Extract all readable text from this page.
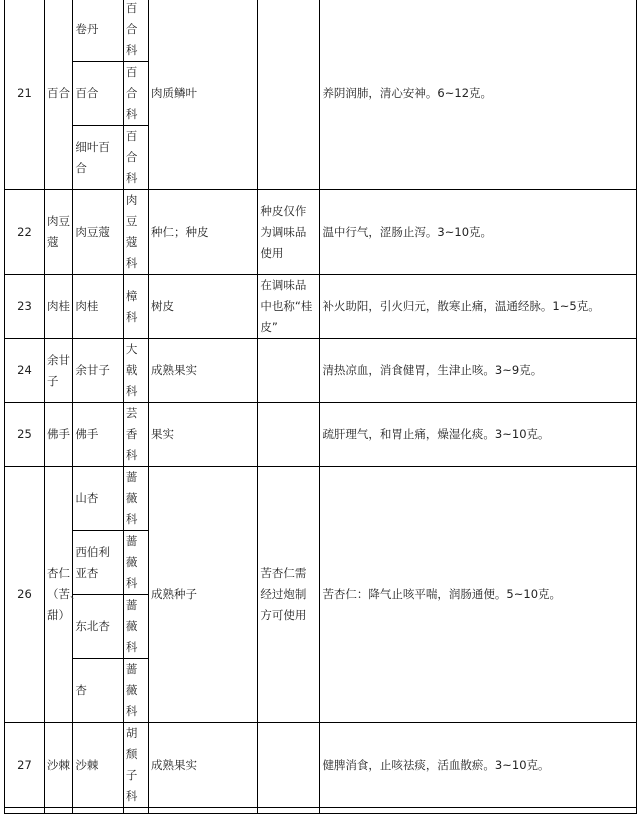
21	百合	卷丹	百合科	肉质鳞叶		养阴润肺，清心安神。6~12克。
		百合	百合科			
		细叶百合	百合科			
22	肉豆蔻	肉豆蔻	肉豆蔻科	种仁；种皮	种皮仅作为调味品使用	温中行气，涩肠止泻。3~10克。
23	肉桂	肉桂	樟科	树皮	在调味品中也称“桂皮”	补火助阳，引火归元，散寒止痛，温通经脉。1~5克。
24	余甘子	余甘子	大戟科	成熟果实		清热凉血，消食健胃，生津止咳。3~9克。
25	佛手	佛手	芸香科	果实		疏肝理气，和胃止痛，燥湿化痰。3~10克。
26	杏仁（苦、甜）	山杏	蔷薇科	成熟种子	苦杏仁需经过炮制方可使用	苦杏仁：降气止咳平喘，润肠通便。5~10克。
		西伯利亚杏	蔷薇科			
		东北杏	蔷薇科			
		杏	蔷薇科			
27	沙棘	沙棘	胡颓子科	成熟果实		健脾消食，止咳祛痰，活血散瘀。3~10克。
